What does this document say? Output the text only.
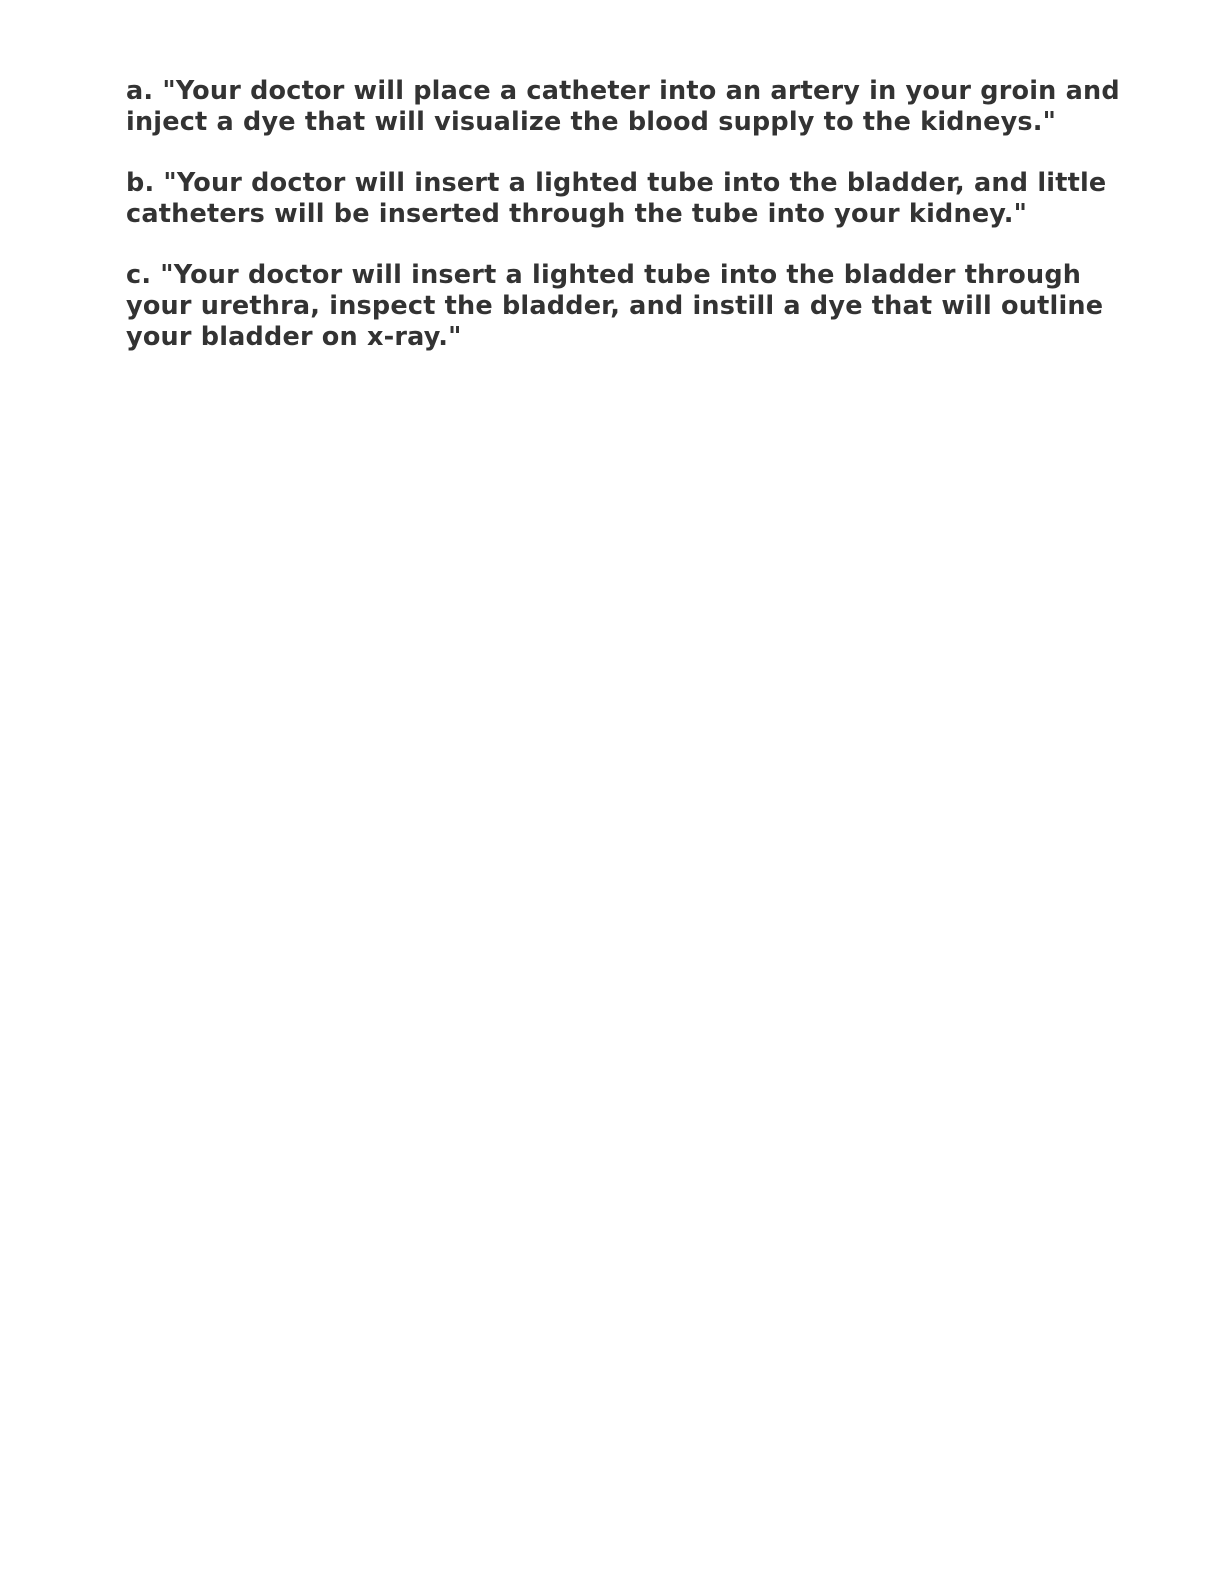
a. "Your doctor will place a catheter into an artery in your groin and
inject a dye that will visualize the blood supply to the kidneys."

b. "Your doctor will insert a lighted tube into the bladder, and little
catheters will be inserted through the tube into your kidney."

c. "Your doctor will insert a lighted tube into the bladder through
your urethra, inspect the bladder, and instill a dye that will outline
your bladder on x-ray."
